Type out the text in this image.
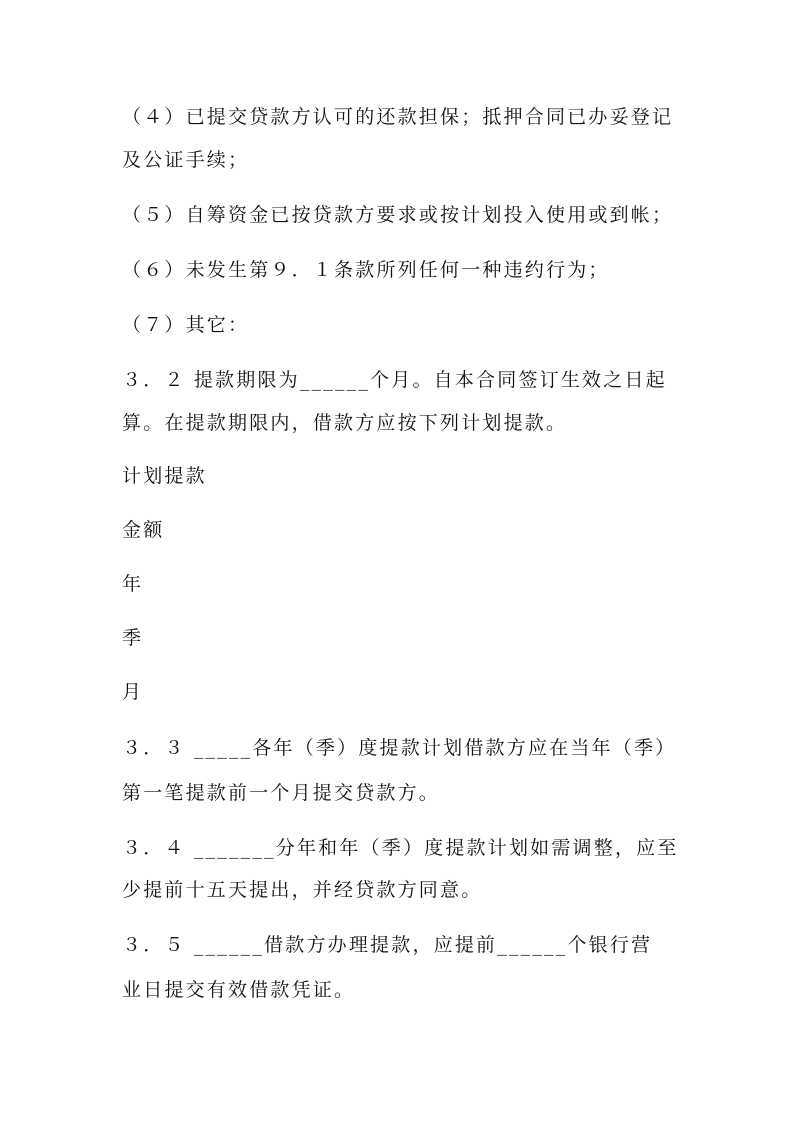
（４）已提交贷款方认可的还款担保；抵押合同已办妥登记
及公证手续；
（５）自筹资金已按贷款方要求或按计划投入使用或到帐；
（６）未发生第９．１条款所列任何一种违约行为；
（７）其它：
３．２ 提款期限为______个月。自本合同签订生效之日起
算。在提款期限内，借款方应按下列计划提款。
计划提款
金额
年
季
月
３．３ _____各年（季）度提款计划借款方应在当年（季）
第一笔提款前一个月提交贷款方。
３．４ _______分年和年（季）度提款计划如需调整，应至
少提前十五天提出，并经贷款方同意。
３．５ ______借款方办理提款，应提前______个银行营
业日提交有效借款凭证。
